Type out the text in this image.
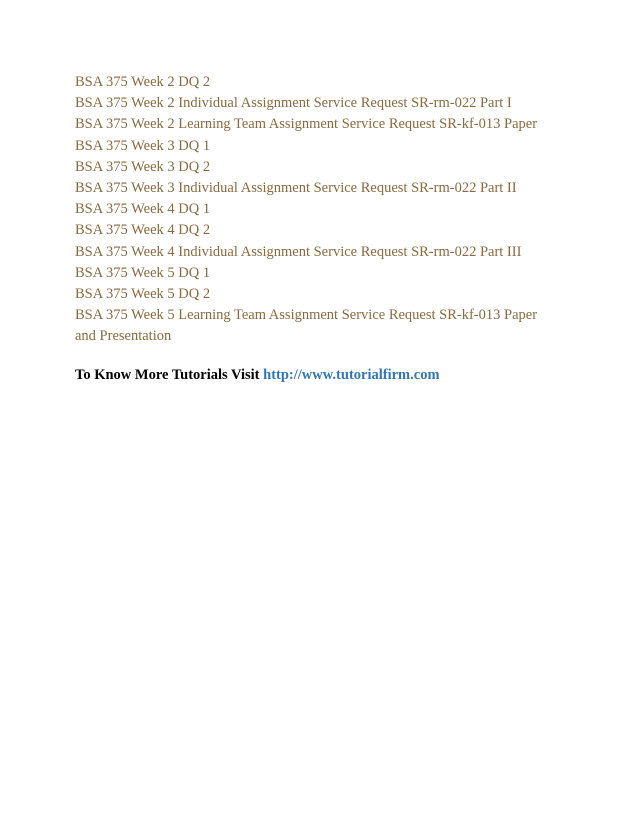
BSA 375 Week 2 DQ 2
BSA 375 Week 2 Individual Assignment Service Request SR-rm-022 Part I
BSA 375 Week 2 Learning Team Assignment Service Request SR-kf-013 Paper
BSA 375 Week 3 DQ 1
BSA 375 Week 3 DQ 2
BSA 375 Week 3 Individual Assignment Service Request SR-rm-022 Part II
BSA 375 Week 4 DQ 1
BSA 375 Week 4 DQ 2
BSA 375 Week 4 Individual Assignment Service Request SR-rm-022 Part III
BSA 375 Week 5 DQ 1
BSA 375 Week 5 DQ 2
BSA 375 Week 5 Learning Team Assignment Service Request SR-kf-013 Paper
and Presentation
To Know More Tutorials Visit http://www.tutorialfirm.com
